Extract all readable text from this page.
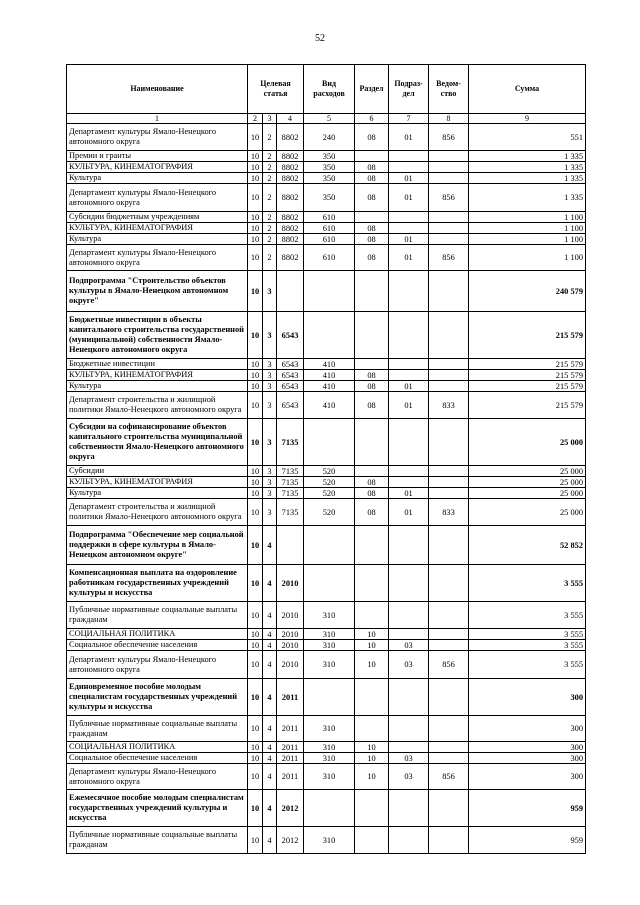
52
Наименование	Целевая статья			Вид расходов	Раздел	Подраз-дел	Ведом-ство	Сумма
1	2	3	4	5	6	7	8	9
Департамент культуры Ямало-Ненецкого автономного округа	10	2	8802	240	08	01	856	551
Премии и гранты	10	2	8802	350				1 335
КУЛЬТУРА, КИНЕМАТОГРАФИЯ	10	2	8802	350	08			1 335
Культура	10	2	8802	350	08	01		1 335
Департамент культуры Ямало-Ненецкого автономного округа	10	2	8802	350	08	01	856	1 335
Субсидии бюджетным учреждениям	10	2	8802	610				1 100
КУЛЬТУРА, КИНЕМАТОГРАФИЯ	10	2	8802	610	08			1 100
Культура	10	2	8802	610	08	01		1 100
Департамент культуры Ямало-Ненецкого автономного округа	10	2	8802	610	08	01	856	1 100
Подпрограмма "Строительство объектов культуры в Ямало-Ненецком автономном округе"	10	3						240 579
Бюджетные инвестиции в объекты капитального строительства государственной (муниципальной) собственности Ямало-Ненецкого автономного округа	10	3	6543					215 579
Бюджетные инвестиции	10	3	6543	410				215 579
КУЛЬТУРА, КИНЕМАТОГРАФИЯ	10	3	6543	410	08			215 579
Культура	10	3	6543	410	08	01		215 579
Департамент строительства и жилищной политики Ямало-Ненецкого автономного округа	10	3	6543	410	08	01	833	215 579
Субсидии на софинансирование объектов капитального строительства муниципальной собственности Ямало-Ненецкого автономного округа	10	3	7135					25 000
Субсидии	10	3	7135	520				25 000
КУЛЬТУРА, КИНЕМАТОГРАФИЯ	10	3	7135	520	08			25 000
Культура	10	3	7135	520	08	01		25 000
Департамент строительства и жилищной политики Ямало-Ненецкого автономного округа	10	3	7135	520	08	01	833	25 000
Подпрограмма "Обеспечение мер социальной поддержки в сфере культуры в Ямало-Ненецком автономном округе"	10	4						52 852
Компенсационная выплата на оздоровление работникам государственных учреждений культуры и искусства	10	4	2010					3 555
Публичные нормативные социальные выплаты гражданам	10	4	2010	310				3 555
СОЦИАЛЬНАЯ ПОЛИТИКА	10	4	2010	310	10			3 555
Социальное обеспечение населения	10	4	2010	310	10	03		3 555
Департамент культуры Ямало-Ненецкого автономного округа	10	4	2010	310	10	03	856	3 555
Единовременное пособие молодым специалистам государственных учреждений культуры и искусства	10	4	2011					300
Публичные нормативные социальные выплаты гражданам	10	4	2011	310				300
СОЦИАЛЬНАЯ ПОЛИТИКА	10	4	2011	310	10			300
Социальное обеспечение населения	10	4	2011	310	10	03		300
Департамент культуры Ямало-Ненецкого автономного округа	10	4	2011	310	10	03	856	300
Ежемесячное пособие молодым специалистам государственных учреждений культуры и искусства	10	4	2012					959
Публичные нормативные социальные выплаты гражданам	10	4	2012	310				959
